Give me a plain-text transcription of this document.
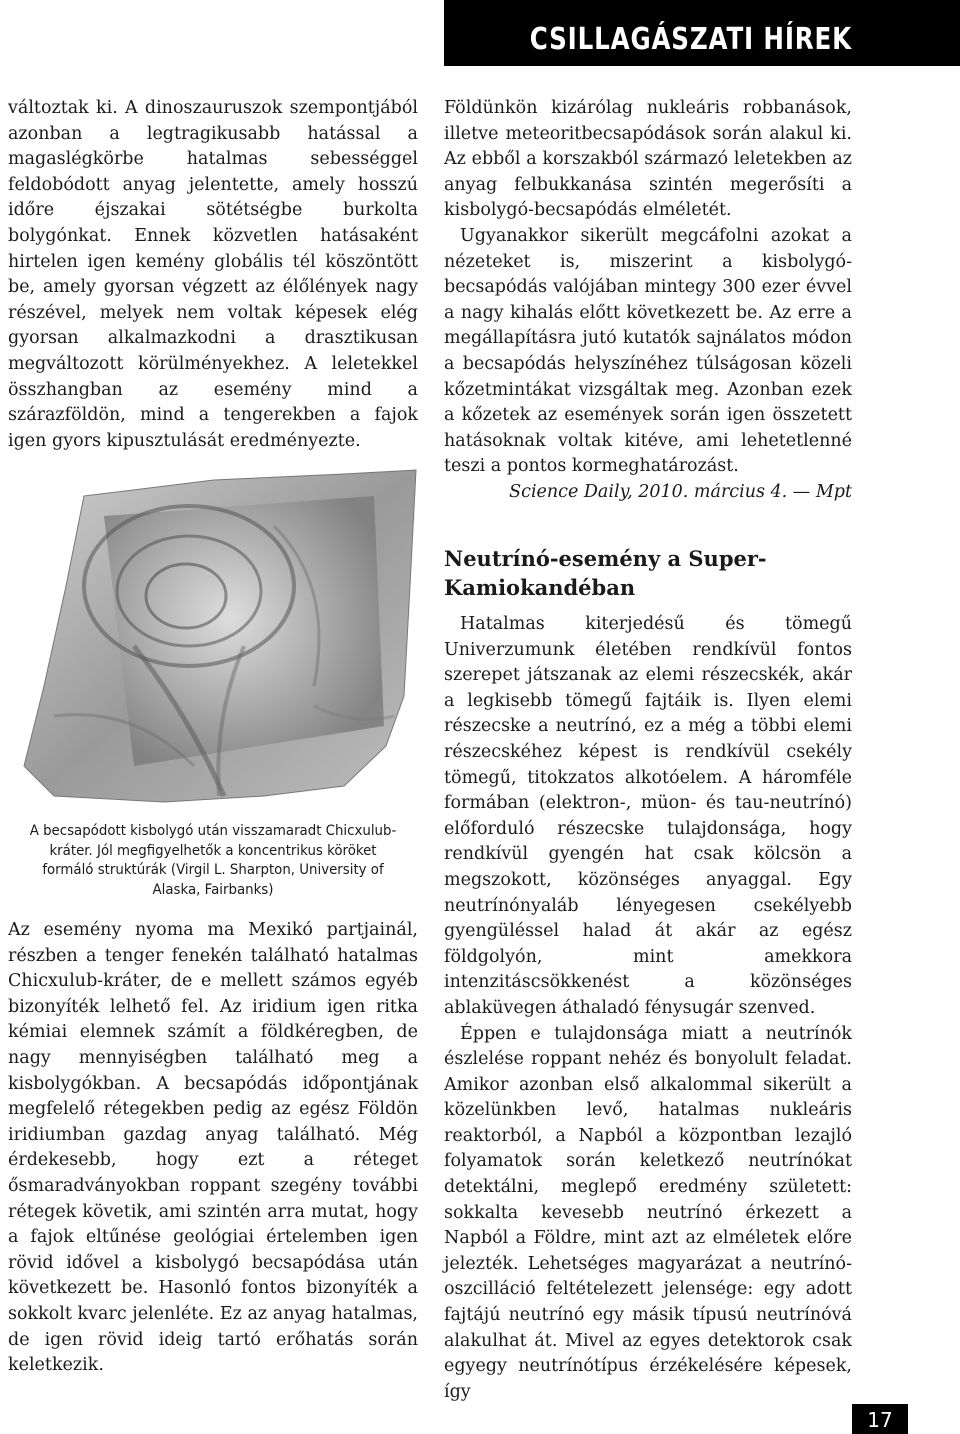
CSILLAGÁSZATI HÍREK

változtak ki. A dinoszauruszok szempontjából azonban a legtragikusabb hatással a magaslégkörbe hatalmas sebességgel feldobódott anyag jelentette, amely hosszú időre éjszakai sötétségbe burkolta bolygónkat. Ennek közvetlen hatásaként hirtelen igen kemény globális tél köszöntött be, amely gyorsan végzett az élőlények nagy részével, melyek nem voltak képesek elég gyorsan alkalmazkodni a drasztikusan megváltozott körülményekhez. A leletekkel összhangban az esemény mind a szárazföldön, mind a tengerekben a fajok igen gyors kipusztulását eredményezte.

A becsapódott kisbolygó után visszamaradt Chicxulub-kráter. Jól megfigyelhetők a koncentrikus köröket formáló struktúrák (Virgil L. Sharpton, University of Alaska, Fairbanks)

Az esemény nyoma ma Mexikó partjainál, részben a tenger fenekén található hatalmas Chicxulub-kráter, de e mellett számos egyéb bizonyíték lelhető fel. Az iridium igen ritka kémiai elemnek számít a földkéregben, de nagy mennyiségben található meg a kisbolygókban. A becsapódás időpontjának megfelelő rétegekben pedig az egész Földön iridiumban gazdag anyag található. Még érdekesebb, hogy ezt a réteget ősmaradványokban roppant szegény további rétegek követik, ami szintén arra mutat, hogy a fajok eltűnése geológiai értelemben igen rövid idővel a kisbolygó becsapódása után következett be. Hasonló fontos bizonyíték a sokkolt kvarc jelenléte. Ez az anyag hatalmas, de igen rövid ideig tartó erőhatás során keletkezik.

Földünkön kizárólag nukleáris robbanások, illetve meteoritbecsapódások során alakul ki. Az ebből a korszakból származó leletekben az anyag felbukkanása szintén megerősíti a kisbolygó-becsapódás elméletét.

Ugyanakkor sikerült megcáfolni azokat a nézeteket is, miszerint a kisbolygó-becsapódás valójában mintegy 300 ezer évvel a nagy kihalás előtt következett be. Az erre a megállapításra jutó kutatók sajnálatos módon a becsapódás helyszínéhez túlságosan közeli kőzetmintákat vizsgáltak meg. Azonban ezek a kőzetek az események során igen összetett hatásoknak voltak kitéve, ami lehetetlenné teszi a pontos kormeghatározást.

Science Daily, 2010. március 4. — Mpt

Neutrínó-esemény a Super-Kamiokandéban

Hatalmas kiterjedésű és tömegű Univerzumunk életében rendkívül fontos szerepet játszanak az elemi részecskék, akár a legkisebb tömegű fajtáik is. Ilyen elemi részecske a neutrínó, ez a még a többi elemi részecskéhez képest is rendkívül csekély tömegű, titokzatos alkotóelem. A háromféle formában (elektron-, müon- és tau-neutrínó) előforduló részecske tulajdonsága, hogy rendkívül gyengén hat csak kölcsön a megszokott, közönséges anyaggal. Egy neutrínónyaláb lényegesen csekélyebb gyengüléssel halad át akár az egész földgolyón, mint amekkora intenzitáscsökkenést a közönséges ablaküvegen áthaladó fénysugár szenved.

Éppen e tulajdonsága miatt a neutrínók észlelése roppant nehéz és bonyolult feladat. Amikor azonban első alkalommal sikerült a közelünkben levő, hatalmas nukleáris reaktorból, a Napból a központban lezajló folyamatok során keletkező neutrínókat detektálni, meglepő eredmény született: sokkalta kevesebb neutrínó érkezett a Napból a Földre, mint azt az elméletek előre jelezték. Lehetséges magyarázat a neutrínó-oszcilláció feltételezett jelensége: egy adott fajtájú neutrínó egy másik típusú neutrínóvá alakulhat át. Mivel az egyes detektorok csak egyegy neutrínótípus érzékelésére képesek, így

17
